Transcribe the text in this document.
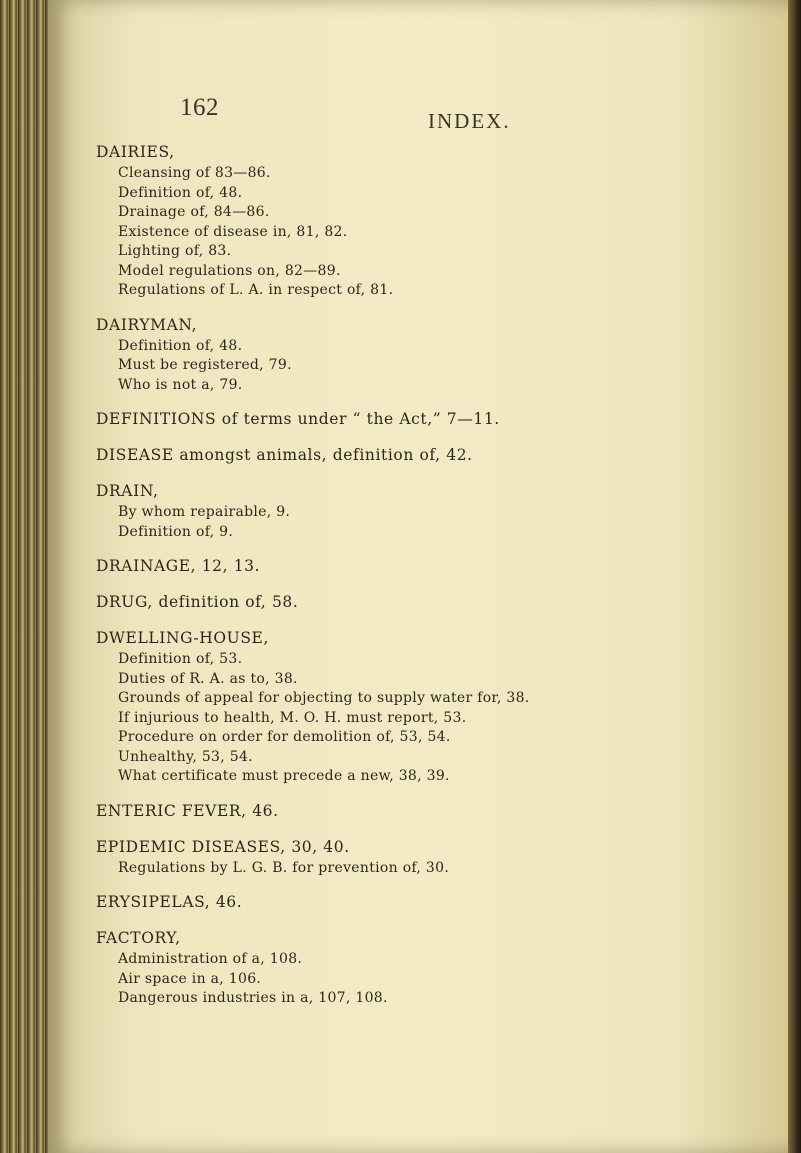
162	INDEX.
DAIRIES,
Cleansing of 83—86.
Definition of, 48.
Drainage of, 84—86.
Existence of disease in, 81, 82.
Lighting of, 83.
Model regulations on, 82—89.
Regulations of L. A. in respect of, 81.
DAIRYMAN,
Definition of, 48.
Must be registered, 79.
Who is not a, 79.
DEFINITIONS of terms under “ the Act,” 7—11.
DISEASE amongst animals, definition of, 42.
DRAIN,
By whom repairable, 9.
Definition of, 9.
DRAINAGE, 12, 13.
DRUG, definition of, 58.
DWELLING-HOUSE,
Definition of, 53.
Duties of R. A. as to, 38.
Grounds of appeal for objecting to supply water for, 38.
If injurious to health, M. O. H. must report, 53.
Procedure on order for demolition of, 53, 54.
Unhealthy, 53, 54.
What certificate must precede a new, 38, 39.
ENTERIC FEVER, 46.
EPIDEMIC DISEASES, 30, 40.
Regulations by L. G. B. for prevention of, 30.
ERYSIPELAS, 46.
FACTORY,
Administration of a, 108.
Air space in a, 106.
Dangerous industries in a, 107, 108.
